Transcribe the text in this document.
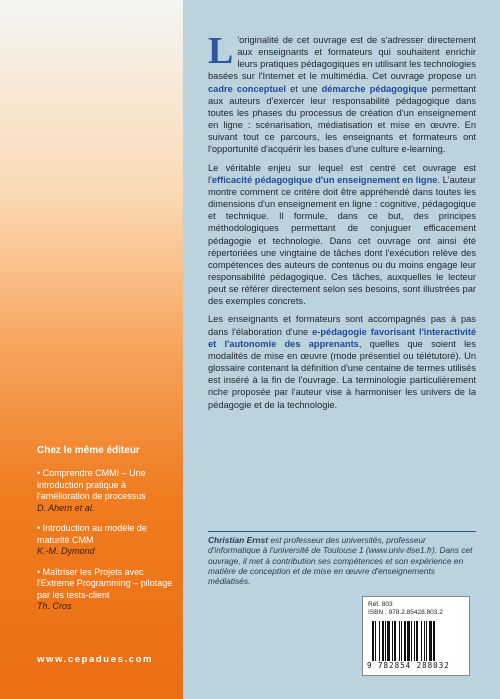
Chez le même éditeur
• Comprendre CMMI – Une introduction pratique à l'amélioration de processus
D. Ahern et al.
• Introduction au modèle de maturité CMM
K.-M. Dymond
• Maîtriser les Projets avec l'Extreme Programming – pilotage par les tests-client
Th. Cros
www.cepadues.com

L 'originalité de cet ouvrage est de s'adresser directement aux enseignants et formateurs qui souhaitent enrichir leurs pratiques pédagogiques en utilisant les technologies basées sur l'Internet et le multimédia. Cet ouvrage propose un cadre conceptuel et une démarche pédagogique permettant aux auteurs d'exercer leur responsabilité pédagogique dans toutes les phases du processus de création d'un enseignement en ligne : scénarisation, médiatisation et mise en œuvre. En suivant tout ce parcours, les enseignants et formateurs ont l'opportunité d'acquérir les bases d'une culture e-learning.

Le véritable enjeu sur lequel est centré cet ouvrage est l'efficacité pédagogique d'un enseignement en ligne. L'auteur montre comment ce critère doit être appréhendé dans toutes les dimensions d'un enseignement en ligne : cognitive, pédagogique et technique. Il formule, dans ce but, des principes méthodologiques permettant de conjuguer efficacement pédagogie et technologie. Dans cet ouvrage ont ainsi été répertoriées une vingtaine de tâches dont l'exécution relève des compétences des auteurs de contenus ou du moins engage leur responsabilité pédagogique. Ces tâches, auxquelles le lecteur peut se référer directement selon ses besoins, sont illustrées par des exemples concrets.

Les enseignants et formateurs sont accompagnés pas à pas dans l'élaboration d'une e-pédagogie favorisant l'interactivité et l'autonomie des apprenants, quelles que soient les modalités de mise en œuvre (mode présentiel ou télétutoré). Un glossaire contenant la définition d'une centaine de termes utilisés est inséré à la fin de l'ouvrage. La terminologie particulièrement riche proposée par l'auteur vise à harmoniser les univers de la pédagogie et de la technologie.

Christian Ernst est professeur des universités, professeur d'informatique à l'université de Toulouse 1 (www.univ-tlse1.fr). Dans cet ouvrage, il met à contribution ses compétences et son expérience en matière de conception et de mise en œuvre d'enseignements médiatisés.
Réf. 803
ISBN : 978.2.85428.803.2
9 782854 288032
